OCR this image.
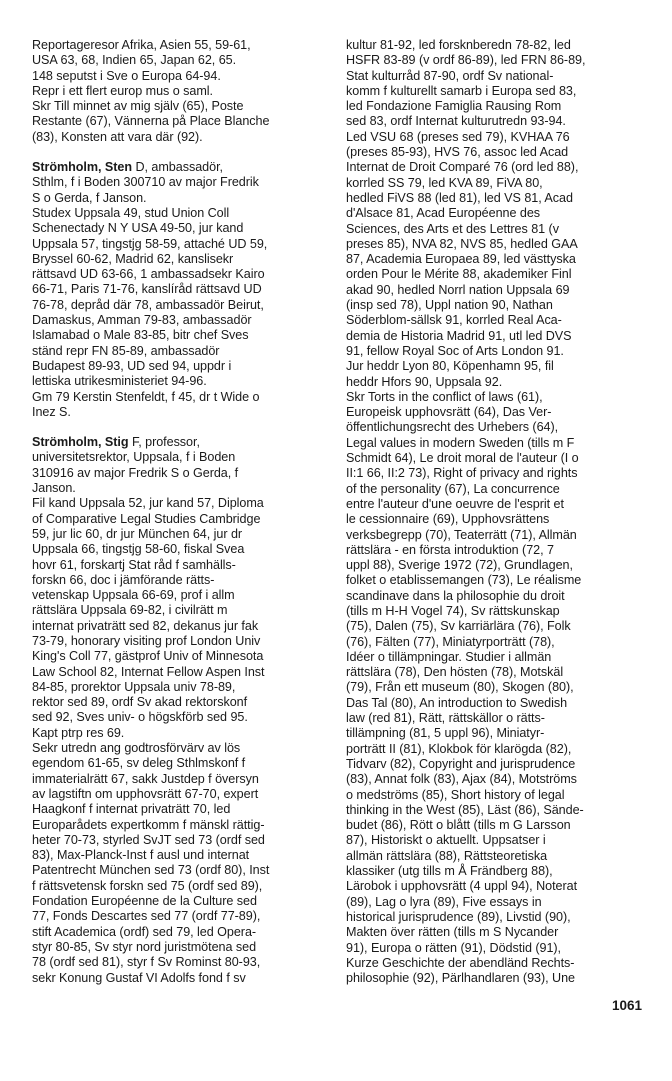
Reportageresor Afrika, Asien 55, 59-61,
USA 63, 68, Indien 65, Japan 62, 65.
148 seputst i Sve o Europa 64-94.
Repr i ett flert europ mus o saml.
Skr Till minnet av mig själv (65), Poste
Restante (67), Vännerna på Place Blanche
(83), Konsten att vara där (92).
Strömholm, Sten D, ambassadör,
Sthlm, f i Boden 300710 av major Fredrik
S o Gerda, f Janson.
Studex Uppsala 49, stud Union Coll
Schenectady N Y USA 49-50, jur kand
Uppsala 57, tingstjg 58-59, attaché UD 59,
Bryssel 60-62, Madrid 62, kanslisekr
rättsavd UD 63-66, 1 ambassadsekr Kairo
66-71, Paris 71-76, kanslíråd rättsavd UD
76-78, depråd där 78, ambassadör Beirut,
Damaskus, Amman 79-83, ambassadör
Islamabad o Male 83-85, bitr chef Sves
ständ repr FN 85-89, ambassadör
Budapest 89-93, UD sed 94, uppdr i
lettiska utrikesministeriet 94-96.
Gm 79 Kerstin Stenfeldt, f 45, dr t Wide o
Inez S.
Strömholm, Stig F, professor,
universitetsrektor, Uppsala, f i Boden
310916 av major Fredrik S o Gerda, f
Janson.
Fil kand Uppsala 52, jur kand 57, Diploma
of Comparative Legal Studies Cambridge
59, jur lic 60, dr jur München 64, jur dr
Uppsala 66, tingstjg 58-60, fiskal Svea
hovr 61, forskartj Stat råd f samhälls-
forskn 66, doc i jämförande rätts-
vetenskap Uppsala 66-69, prof i allm
rättslära Uppsala 69-82, i civilrätt m
internat privaträtt sed 82, dekanus jur fak
73-79, honorary visiting prof London Univ
King's Coll 77, gästprof Univ of Minnesota
Law School 82, Internat Fellow Aspen Inst
84-85, prorektor Uppsala univ 78-89,
rektor sed 89, ordf Sv akad rektorskonf
sed 92, Sves univ- o högskförb sed 95.
Kapt ptrp res 69.
Sekr utredn ang godtrosförvärv av lös
egendom 61-65, sv deleg Sthlmskonf f
immaterialrätt 67, sakk Justdep f översyn
av lagstiftn om upphovsrätt 67-70, expert
Haagkonf f internat privaträtt 70, led
Europarådets expertkomm f mänskl rättig-
heter 70-73, styrled SvJT sed 73 (ordf sed
83), Max-Planck-Inst f ausl und internat
Patentrecht München sed 73 (ordf 80), Inst
f rättsvetensk forskn sed 75 (ordf sed 89),
Fondation Européenne de la Culture sed
77, Fonds Descartes sed 77 (ordf 77-89),
stift Academica (ordf) sed 79, led Opera-
styr 80-85, Sv styr nord juristmötena sed
78 (ordf sed 81), styr f Sv Rominst 80-93,
sekr Konung Gustaf VI Adolfs fond f sv
kultur 81-92, led forsknberedn 78-82, led
HSFR 83-89 (v ordf 86-89), led FRN 86-89,
Stat kulturråd 87-90, ordf Sv national-
komm f kulturellt samarb i Europa sed 83,
led Fondazione Famiglia Rausing Rom
sed 83, ordf Internat kulturutredn 93-94.
Led VSU 68 (preses sed 79), KVHAA 76
(preses 85-93), HVS 76, assoc led Acad
Internat de Droit Comparé 76 (ord led 88),
korrled SS 79, led KVA 89, FiVA 80,
hedled FiVS 88 (led 81), led VS 81, Acad
d'Alsace 81, Acad Européenne des
Sciences, des Arts et des Lettres 81 (v
preses 85), NVA 82, NVS 85, hedled GAA
87, Academia Europaea 89, led västtyska
orden Pour le Mérite 88, akademiker Finl
akad 90, hedled Norrl nation Uppsala 69
(insp sed 78), Uppl nation 90, Nathan
Söderblom-sällsk 91, korrled Real Aca-
demia de Historia Madrid 91, utl led DVS
91, fellow Royal Soc of Arts London 91.
Jur heddr Lyon 80, Köpenhamn 95, fil
heddr Hfors 90, Uppsala 92.
Skr Torts in the conflict of laws (61),
Europeisk upphovsrätt (64), Das Ver-
öffentlichungsrecht des Urhebers (64),
Legal values in modern Sweden (tills m F
Schmidt 64), Le droit moral de l'auteur (I o
II:1 66, II:2 73), Right of privacy and rights
of the personality (67), La concurrence
entre l'auteur d'une oeuvre de l'esprit et
le cessionnaire (69), Upphovsrättens
verksbegrepp (70), Teaterrätt (71), Allmän
rättslära - en första introduktion (72, 7
uppl 88), Sverige 1972 (72), Grundlagen,
folket o etablissemangen (73), Le réalisme
scandinave dans la philosophie du droit
(tills m H-H Vogel 74), Sv rättskunskap
(75), Dalen (75), Sv karriärlära (76), Folk
(76), Fälten (77), Miniatyrporträtt (78),
Idéer o tillämpningar. Studier i allmän
rättslära (78), Den hösten (78), Motskäl
(79), Från ett museum (80), Skogen (80),
Das Tal (80), An introduction to Swedish
law (red 81), Rätt, rättskällor o rätts-
tillämpning (81, 5 uppl 96), Miniatyr-
porträtt II (81), Klokbok för klarögda (82),
Tidvarv (82), Copyright and jurisprudence
(83), Annat folk (83), Ajax (84), Motströms
o medströms (85), Short history of legal
thinking in the West (85), Läst (86), Sände-
budet (86), Rött o blått (tills m G Larsson
87), Historiskt o aktuellt. Uppsatser i
allmän rättslära (88), Rättsteoretiska
klassiker (utg tills m Å Frändberg 88),
Lärobok i upphovsrätt (4 uppl 94), Noterat
(89), Lag o lyra (89), Five essays in
historical jurisprudence (89), Livstid (90),
Makten över rätten (tills m S Nycander
91), Europa o rätten (91), Dödstid (91),
Kurze Geschichte der abendländ Rechts-
philosophie (92), Pärlhandlaren (93), Une
1061
